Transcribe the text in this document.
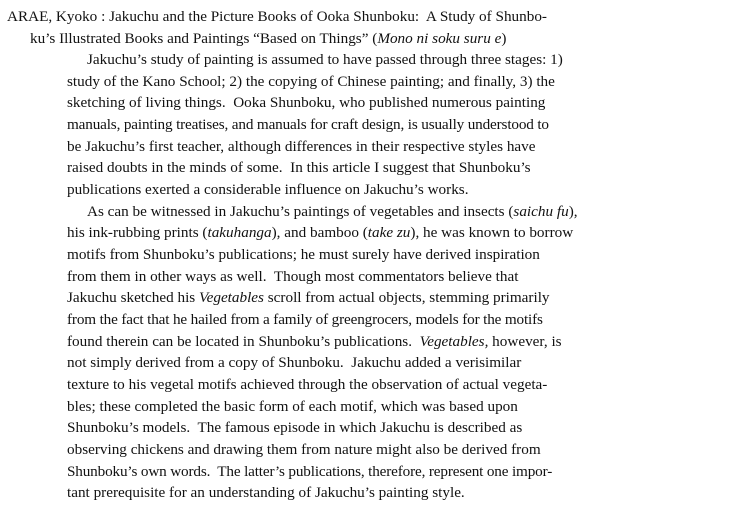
ARAE, Kyoko : Jakuchu and the Picture Books of Ooka Shunboku:  A Study of Shunbo-
ku’s Illustrated Books and Paintings “Based on Things” (Mono ni soku suru e)
Jakuchu’s study of painting is assumed to have passed through three stages: 1)
study of the Kano School; 2) the copying of Chinese painting; and finally, 3) the
sketching of living things.  Ooka Shunboku, who published numerous painting
manuals, painting treatises, and manuals for craft design, is usually understood to
be Jakuchu’s first teacher, although differences in their respective styles have
raised doubts in the minds of some.  In this article I suggest that Shunboku’s
publications exerted a considerable influence on Jakuchu’s works.
As can be witnessed in Jakuchu’s paintings of vegetables and insects (saichu fu),
his ink-rubbing prints (takuhanga), and bamboo (take zu), he was known to borrow
motifs from Shunboku’s publications; he must surely have derived inspiration
from them in other ways as well.  Though most commentators believe that
Jakuchu sketched his Vegetables scroll from actual objects, stemming primarily
from the fact that he hailed from a family of greengrocers, models for the motifs
found therein can be located in Shunboku’s publications.  Vegetables, however, is
not simply derived from a copy of Shunboku.  Jakuchu added a verisimilar
texture to his vegetal motifs achieved through the observation of actual vegeta-
bles; these completed the basic form of each motif, which was based upon
Shunboku’s models.  The famous episode in which Jakuchu is described as
observing chickens and drawing them from nature might also be derived from
Shunboku’s own words.  The latter’s publications, therefore, represent one impor-
tant prerequisite for an understanding of Jakuchu’s painting style.
